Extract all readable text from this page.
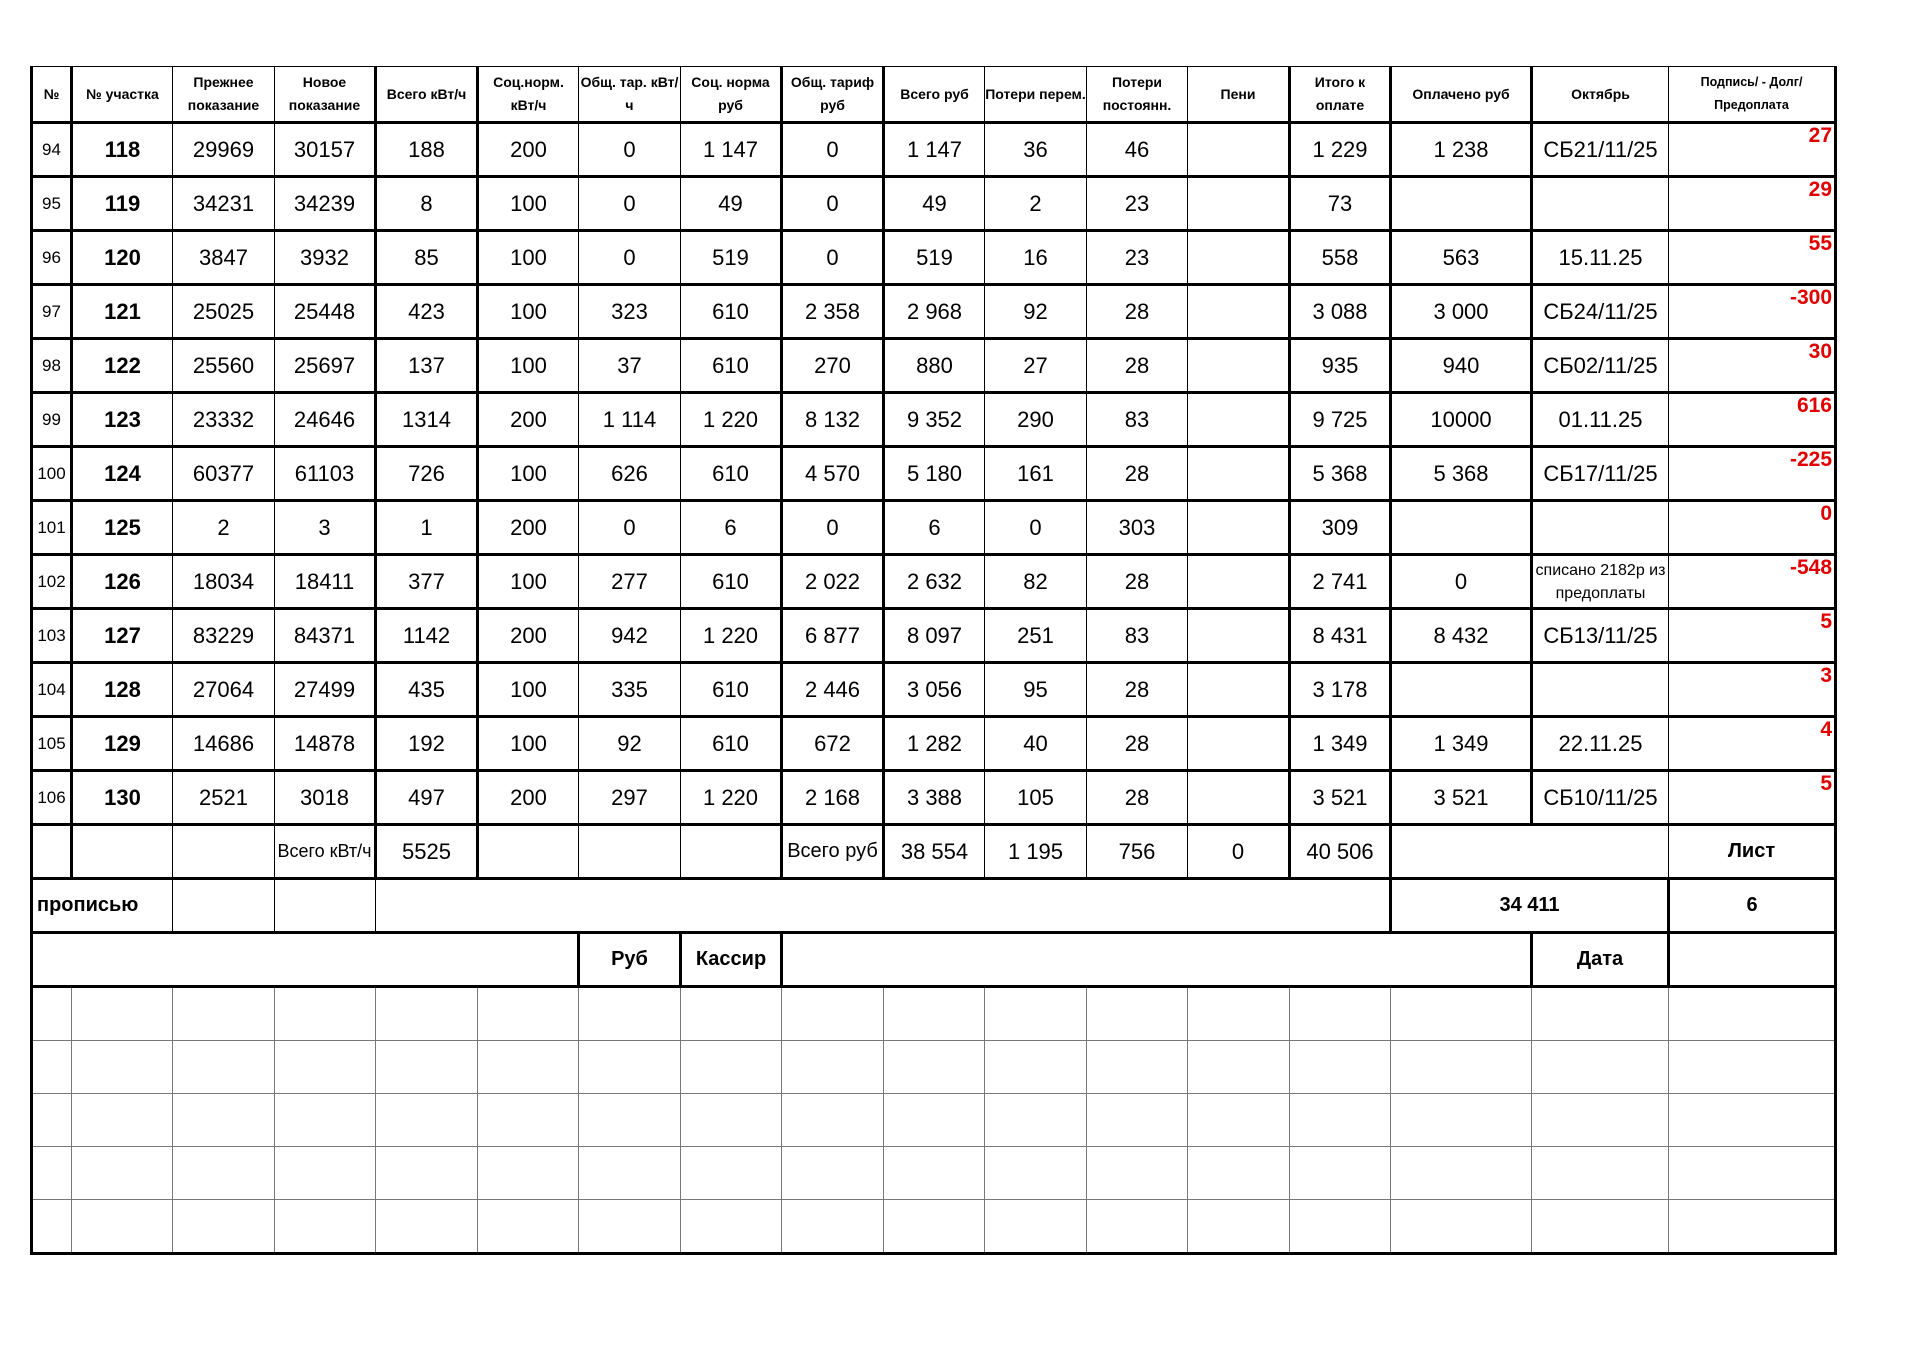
№	№ участка	Прежнее показание	Новое показание	Всего кВт/ч	Соц.норм. кВт/ч	Общ. тар. кВт/ч	Соц. норма руб	Общ. тариф руб	Всего руб	Потери перем.	Потери постоянн.	Пени	Итого к оплате	Оплачено руб	Октябрь	Подпись/ - Долг/Предоплата
94	118	29969	30157	188	200	0	1 147	0	1 147	36	46		1 229	1 238	СБ21/11/25	27
95	119	34231	34239	8	100	0	49	0	49	2	23		73			29
96	120	3847	3932	85	100	0	519	0	519	16	23		558	563	15.11.25	55
97	121	25025	25448	423	100	323	610	2 358	2 968	92	28		3 088	3 000	СБ24/11/25	-300
98	122	25560	25697	137	100	37	610	270	880	27	28		935	940	СБ02/11/25	30
99	123	23332	24646	1314	200	1 114	1 220	8 132	9 352	290	83		9 725	10000	01.11.25	616
100	124	60377	61103	726	100	626	610	4 570	5 180	161	28		5 368	5 368	СБ17/11/25	-225
101	125	2	3	1	200	0	6	0	6	0	303		309			0
102	126	18034	18411	377	100	277	610	2 022	2 632	82	28		2 741	0	списано 2182р из предоплаты	-548
103	127	83229	84371	1142	200	942	1 220	6 877	8 097	251	83		8 431	8 432	СБ13/11/25	5
104	128	27064	27499	435	100	335	610	2 446	3 056	95	28		3 178			3
105	129	14686	14878	192	100	92	610	672	1 282	40	28		1 349	1 349	22.11.25	4
106	130	2521	3018	497	200	297	1 220	2 168	3 388	105	28		3 521	3 521	СБ10/11/25	5
			Всего кВт/ч	5525				Всего руб	38 554	1 195	756	0	40 506			Лист
прописью														34 411		6
						Руб	Кассир								Дата	
